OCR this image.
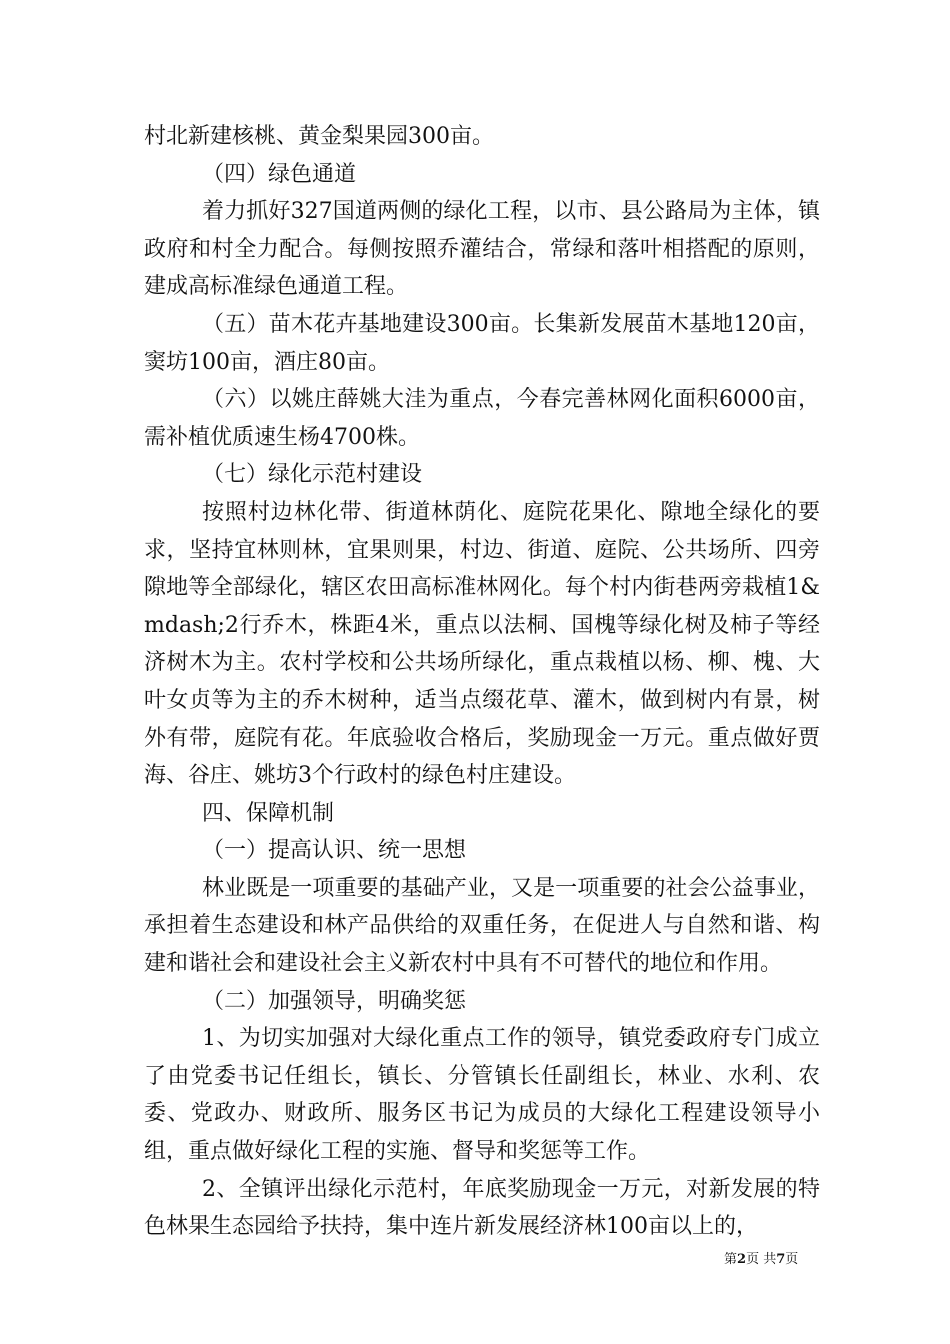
村北新建核桃、黄金梨果园300亩。

（四）绿色通道

着力抓好327国道两侧的绿化工程，以市、县公路局为主体，镇政府和村全力配合。每侧按照乔灌结合，常绿和落叶相搭配的原则，建成高标准绿色通道工程。

（五）苗木花卉基地建设300亩。长集新发展苗木基地120亩，窦坊100亩，酒庄80亩。

（六）以姚庄薛姚大洼为重点，今春完善林网化面积6000亩，需补植优质速生杨4700株。

（七）绿化示范村建设

按照村边林化带、街道林荫化、庭院花果化、隙地全绿化的要求，坚持宜林则林，宜果则果，村边、街道、庭院、公共场所、四旁隙地等全部绿化，辖区农田高标准林网化。每个村内街巷两旁栽植1&mdash;2行乔木，株距4米，重点以法桐、国槐等绿化树及柿子等经济树木为主。农村学校和公共场所绿化，重点栽植以杨、柳、槐、大叶女贞等为主的乔木树种，适当点缀花草、灌木，做到树内有景，树外有带，庭院有花。年底验收合格后，奖励现金一万元。重点做好贾海、谷庄、姚坊3个行政村的绿色村庄建设。

四、保障机制

（一）提高认识、统一思想

林业既是一项重要的基础产业，又是一项重要的社会公益事业，承担着生态建设和林产品供给的双重任务，在促进人与自然和谐、构建和谐社会和建设社会主义新农村中具有不可替代的地位和作用。

（二）加强领导，明确奖惩

1、为切实加强对大绿化重点工作的领导，镇党委政府专门成立了由党委书记任组长，镇长、分管镇长任副组长，林业、水利、农委、党政办、财政所、服务区书记为成员的大绿化工程建设领导小组，重点做好绿化工程的实施、督导和奖惩等工作。

2、全镇评出绿化示范村，年底奖励现金一万元，对新发展的特色林果生态园给予扶持，集中连片新发展经济林100亩以上的，

第2页 共7页
